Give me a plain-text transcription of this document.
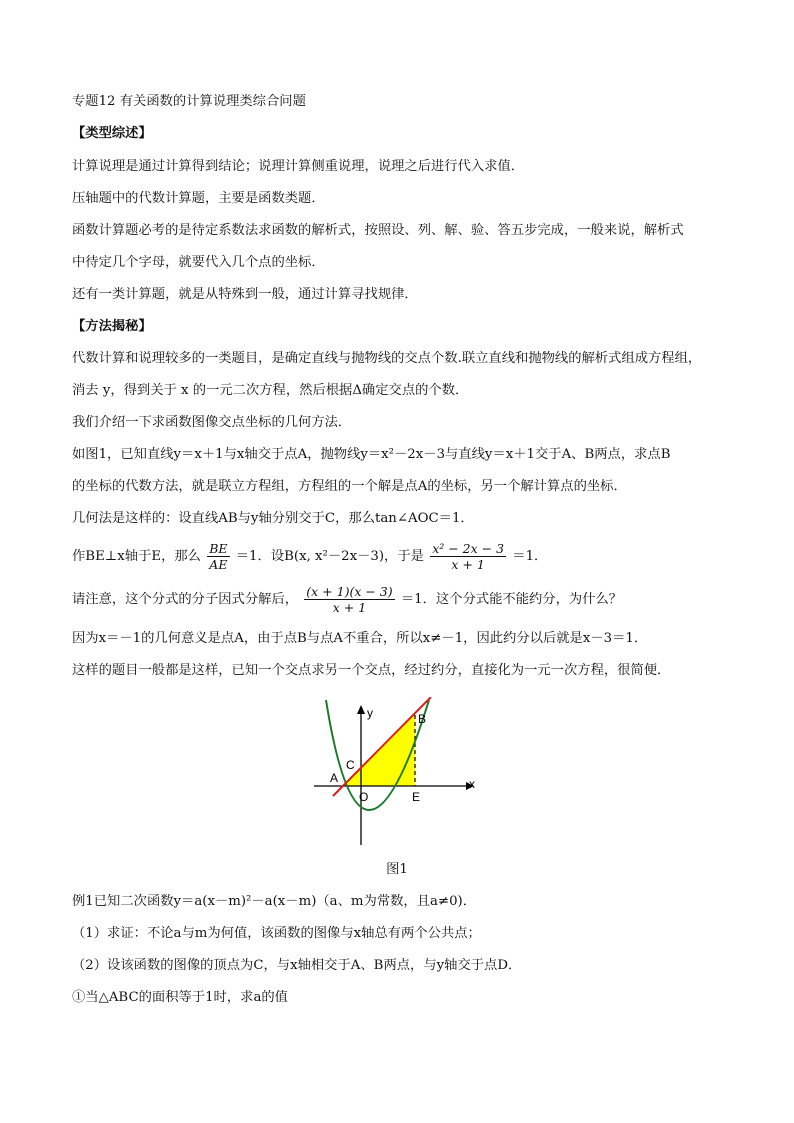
专题12 有关函数的计算说理类综合问题
【类型综述】
计算说理是通过计算得到结论；说理计算侧重说理，说理之后进行代入求值．
压轴题中的代数计算题，主要是函数类题．
函数计算题必考的是待定系数法求函数的解析式，按照设、列、解、验、答五步完成，一般来说，解析式
中待定几个字母，就要代入几个点的坐标．
还有一类计算题，就是从特殊到一般，通过计算寻找规律．
【方法揭秘】
代数计算和说理较多的一类题目，是确定直线与抛物线的交点个数.联立直线和抛物线的解析式组成方程组，
消去 y，得到关于 x 的一元二次方程，然后根据Δ确定交点的个数．
我们介绍一下求函数图像交点坐标的几何方法．
如图1，已知直线y＝x＋1与x轴交于点A，抛物线y＝x²－2x－3与直线y＝x＋1交于A、B两点，求点B
的坐标的代数方法，就是联立方程组，方程组的一个解是点A的坐标，另一个解计算点的坐标．
几何法是这样的：设直线AB与y轴分别交于C，那么tan∠AOC＝1．
作BE⊥x轴于E，那么 $\frac{BE}{AE} =1$．设B(x, x²－2x－3)，于是 $\frac{\text{x² − 2x − 3}}{x + 1} =1$．
请注意，这个分式的分子因式分解后， $\frac{(x + 1)(x - 3)}{x + 1} =1$．这个分式能不能约分，为什么？
因为x＝－1的几何意义是点A，由于点B与点A不重合，所以x≠－1，因此约分以后就是x－3＝1．
这样的题目一般都是这样，已知一个交点求另一个交点，经过约分，直接化为一元一次方程，很简便．
A
B
C
O	E
x
y
图1
例1已知二次函数y＝a(x－m)²－a(x－m)（a、m为常数，且a≠0)．
（1）求证：不论a与m为何值，该函数的图像与x轴总有两个公共点；
（2）设该函数的图像的顶点为C，与x轴相交于A、B两点，与y轴交于点D．
①当△ABC的面积等于1时，求a的值
